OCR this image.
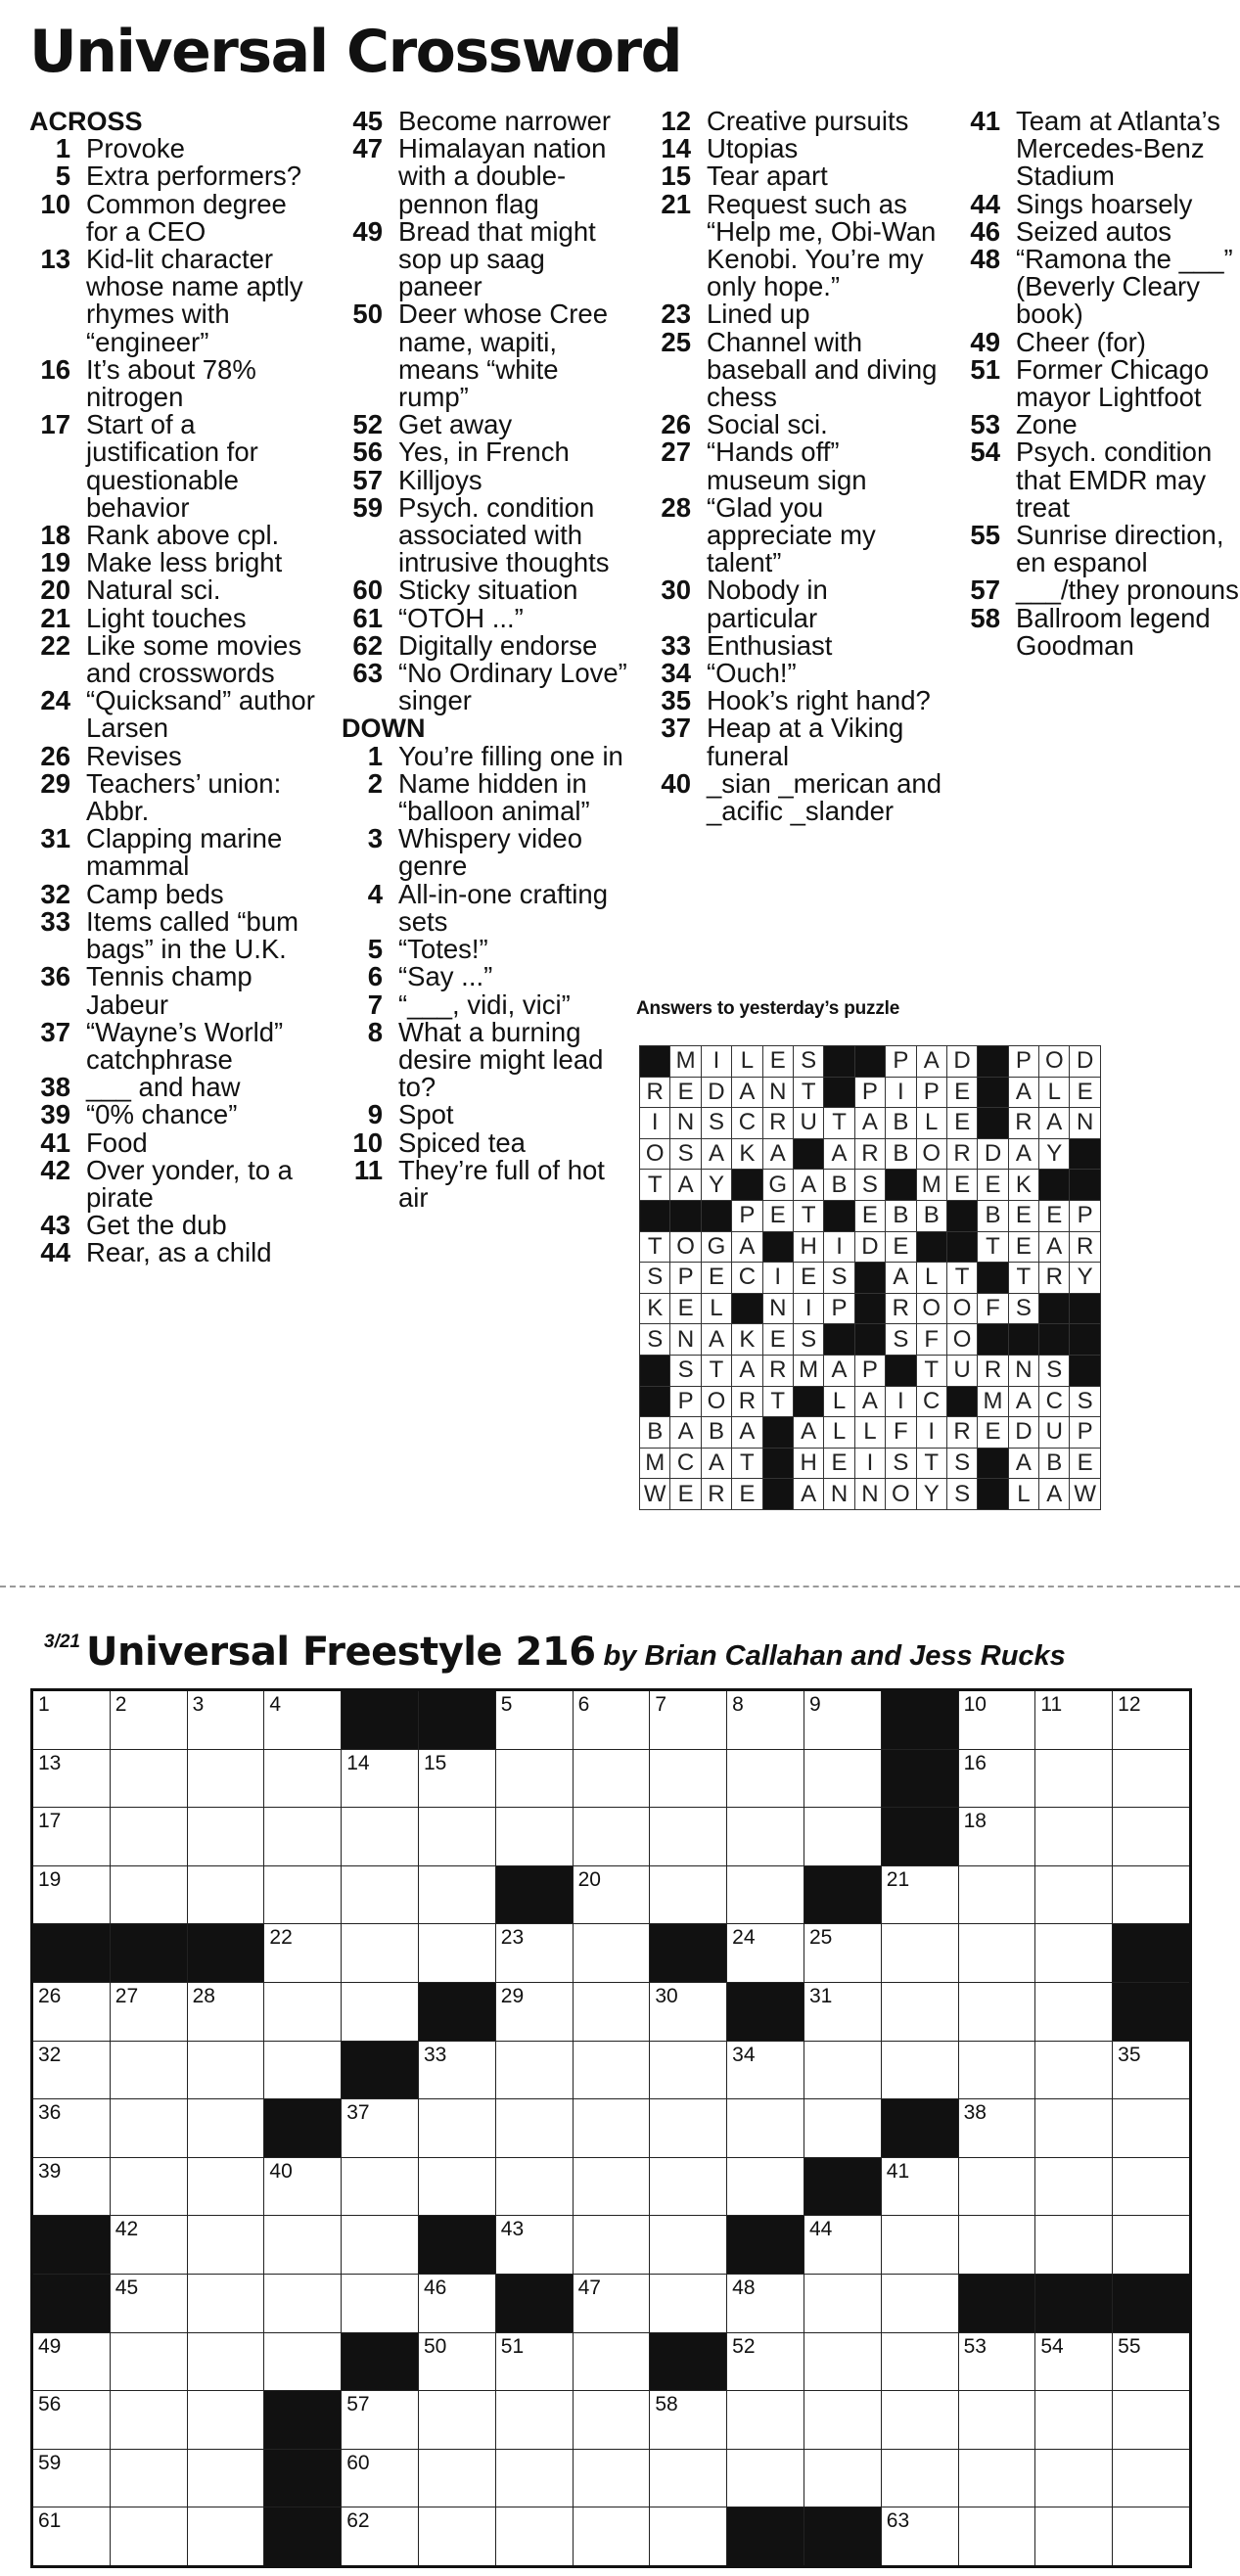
Universal Crossword
ACROSS
1 Provoke
5 Extra performers?
10 Common degree for a CEO
13 Kid-lit character whose name aptly rhymes with “engineer”
16 It’s about 78% nitrogen
17 Start of a justification for questionable behavior
18 Rank above cpl.
19 Make less bright
20 Natural sci.
21 Light touches
22 Like some movies and crosswords
24 “Quicksand” author Larsen
26 Revises
29 Teachers’ union: Abbr.
31 Clapping marine mammal
32 Camp beds
33 Items called “bum bags” in the U.K.
36 Tennis champ Jabeur
37 “Wayne’s World” catchphrase
38 ___ and haw
39 “0% chance”
41 Food
42 Over yonder, to a pirate
43 Get the dub
44 Rear, as a child
45 Become narrower
47 Himalayan nation with a double-pennon flag
49 Bread that might sop up saag paneer
50 Deer whose Cree name, wapiti, means “white rump”
52 Get away
56 Yes, in French
57 Killjoys
59 Psych. condition associated with intrusive thoughts
60 Sticky situation
61 “OTOH ...”
62 Digitally endorse
63 “No Ordinary Love” singer
DOWN
1 You’re filling one in
2 Name hidden in “balloon animal”
3 Whispery video genre
4 All-in-one crafting sets
5 “Totes!”
6 “Say ...”
7 “___, vidi, vici”
8 What a burning desire might lead to?
9 Spot
10 Spiced tea
11 They’re full of hot air
12 Creative pursuits
14 Utopias
15 Tear apart
21 Request such as “Help me, Obi-Wan Kenobi. You’re my only hope.”
23 Lined up
25 Channel with baseball and diving chess
26 Social sci.
27 “Hands off” museum sign
28 “Glad you appreciate my talent”
30 Nobody in particular
33 Enthusiast
34 “Ouch!”
35 Hook’s right hand?
37 Heap at a Viking funeral
40 _sian _merican and _acific _slander
41 Team at Atlanta’s Mercedes-Benz Stadium
44 Sings hoarsely
46 Seized autos
48 “Ramona the ___” (Beverly Cleary book)
49 Cheer (for)
51 Former Chicago mayor Lightfoot
53 Zone
54 Psych. condition that EMDR may treat
55 Sunrise direction, en espanol
57 ___/they pronouns
58 Ballroom legend Goodman
Answers to yesterday’s puzzle
	M	I	L	E	S			P	A	D		P	O	D
R	E	D	A	N	T		P	I	P	E		A	L	E
I	N	S	C	R	U	T	A	B	L	E		R	A	N
O	S	A	K	A		A	R	B	O	R	D	A	Y	
T	A	Y		G	A	B	S		M	E	E	K		
			P	E	T		E	B	B		B	E	E	P
T	O	G	A		H	I	D	E			T	E	A	R
S	P	E	C	I	E	S		A	L	T		T	R	Y
K	E	L		N	I	P		R	O	O	F	S		
S	N	A	K	E	S			S	F	O				
	S	T	A	R	M	A	P		T	U	R	N	S	
	P	O	R	T		L	A	I	C		M	A	C	S
B	A	B	A		A	L	L	F	I	R	E	D	U	P
M	C	A	T		H	E	I	S	T	S		A	B	E
W	E	R	E		A	N	N	O	Y	S		L	A	W
3/21 Universal Freestyle 216 by Brian Callahan and Jess Rucks
1	2	3	4			5	6	7	8	9		10	11	12

13				14	15							16		

17												18		

19							20				21			

			22			23			24	25				

26	27	28				29		30		31				

32					33				34					35

36				37								38		

39			40								41			

	42					43				44				

	45				46		47		48					

49					50	51			52			53	54	55

56				57				58						

59				60										

61				62							63			
